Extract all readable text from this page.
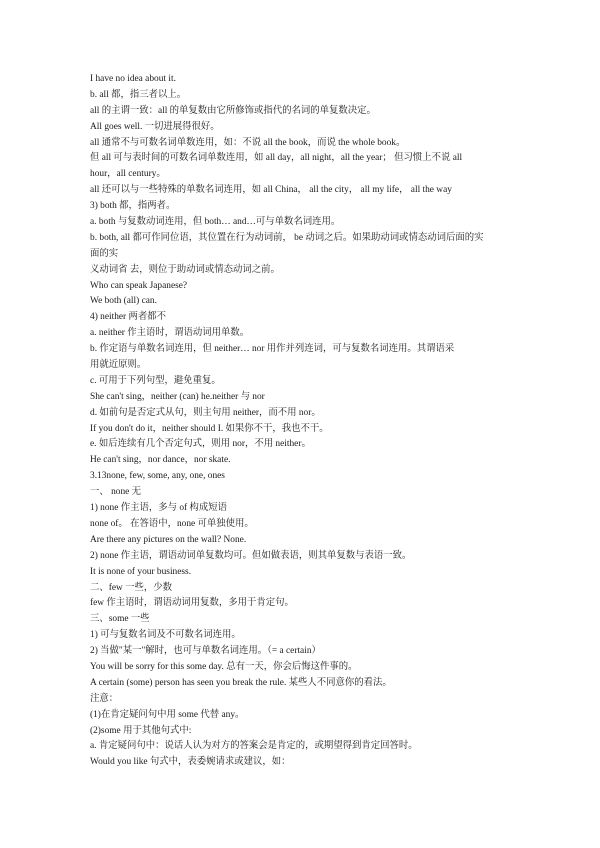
I have no idea about it.
b. all 都，指三者以上。
all 的主谓一致：all 的单复数由它所修饰或指代的名词的单复数决定。
All goes well. 一切进展得很好。
all 通常不与可数名词单数连用，如：不说 all the book，而说 the whole book。
但 all 可与表时间的可数名词单数连用，如 all day，all night，all the year； 但习惯上不说 all
hour，all century。
all 还可以与一些特殊的单数名词连用，如 all China， all the city， all my life， all the way
3) both 都，指两者。
a. both 与复数动词连用，但 both… and…可与单数名词连用。
b. both, all 都可作同位语，其位置在行为动词前， be 动词之后。如果助动词或情态动词后面的实
面的实
义动词省 去，则位于助动词或情态动词之前。
Who can speak Japanese?
We both (all) can.
4) neither 两者都不
a. neither 作主语时，谓语动词用单数。
b. 作定语与单数名词连用，但 neither… nor 用作并列连词，可与复数名词连用。其谓语采
用就近原则。
c. 可用于下列句型，避免重复。
She can't sing，neither (can) he.neither 与 nor
d. 如前句是否定式从句，则主句用 neither，而不用 nor。
If you don't do it，neither should I. 如果你不干，我也不干。
e. 如后连续有几个否定句式，则用 nor，不用 neither。
He can't sing，nor dance，nor skate.
3.13none, few, some, any, one, ones
一、 none 无
1) none 作主语，多与 of 构成短语
none of。 在答语中，none 可单独使用。
Are there any pictures on the wall? None.
2) none 作主语，谓语动词单复数均可。但如做表语，则其单复数与表语一致。
It is none of your business.
二、few 一些，少数
few 作主语时，谓语动词用复数，多用于肯定句。
三、some 一些
1) 可与复数名词及不可数名词连用。
2) 当做"某一"解时，也可与单数名词连用。（= a certain）
You will be sorry for this some day. 总有一天，你会后悔这件事的。
A certain (some) person has seen you break the rule. 某些人不同意你的看法。
注意：
(1)在肯定疑问句中用 some 代替 any。
(2)some 用于其他句式中:
a. 肯定疑问句中：说话人认为对方的答案会是肯定的，或期望得到肯定回答时。
Would you like 句式中，表委婉请求或建议，如：
